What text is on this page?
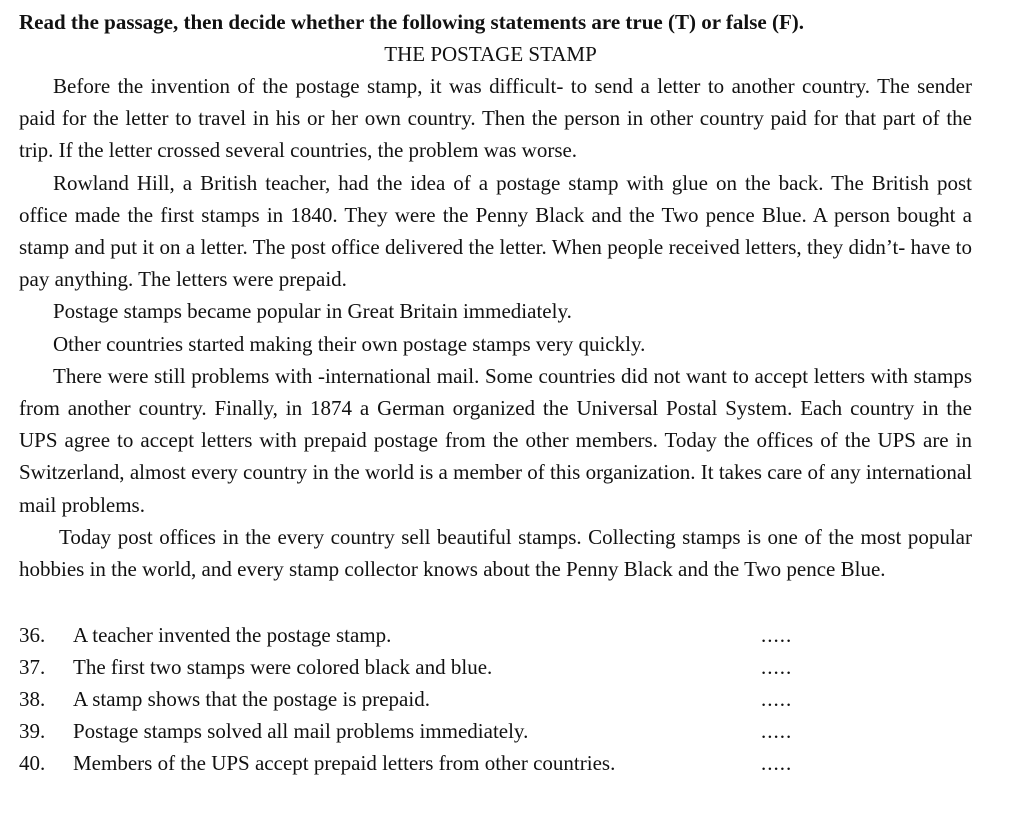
Read the passage, then decide whether the following statements are true (T) or false (F).

THE POSTAGE STAMP

Before the invention of the postage stamp, it was difficult- to send a letter to another country. The sender paid for the letter to travel in his or her own country. Then the person in other country paid for that part of the trip. If the letter crossed several countries, the problem was worse.

Rowland Hill, a British teacher, had the idea of a postage stamp with glue on the back. The British post office made the first stamps in 1840. They were the Penny Black and the Two pence Blue. A person bought a stamp and put it on a letter. The post office delivered the letter. When people received letters, they didn’t- have to pay anything. The letters were prepaid.

Postage stamps became popular in Great Britain immediately.

Other countries started making their own postage stamps very quickly.

There were still problems with -international mail. Some countries did not want to accept letters with stamps from another country. Finally, in 1874 a German organized the Universal Postal System. Each country in the UPS agree to accept letters with prepaid postage from the other members. Today the offices of the UPS are in Switzerland, almost every country in the world is a member of this organization. It takes care of any international mail problems.

Today post offices in the every country sell beautiful stamps. Collecting stamps is one of the most popular hobbies in the world, and every stamp collector knows about the Penny Black and the Two pence Blue.

36.	A teacher invented the postage stamp.	.....
37.	The first two stamps were colored black and blue.	.....
38.	A stamp shows that the postage is prepaid.	.....
39.	Postage stamps solved all mail problems immediately.	.....
40.	Members of the UPS accept prepaid letters from other countries.	.....
